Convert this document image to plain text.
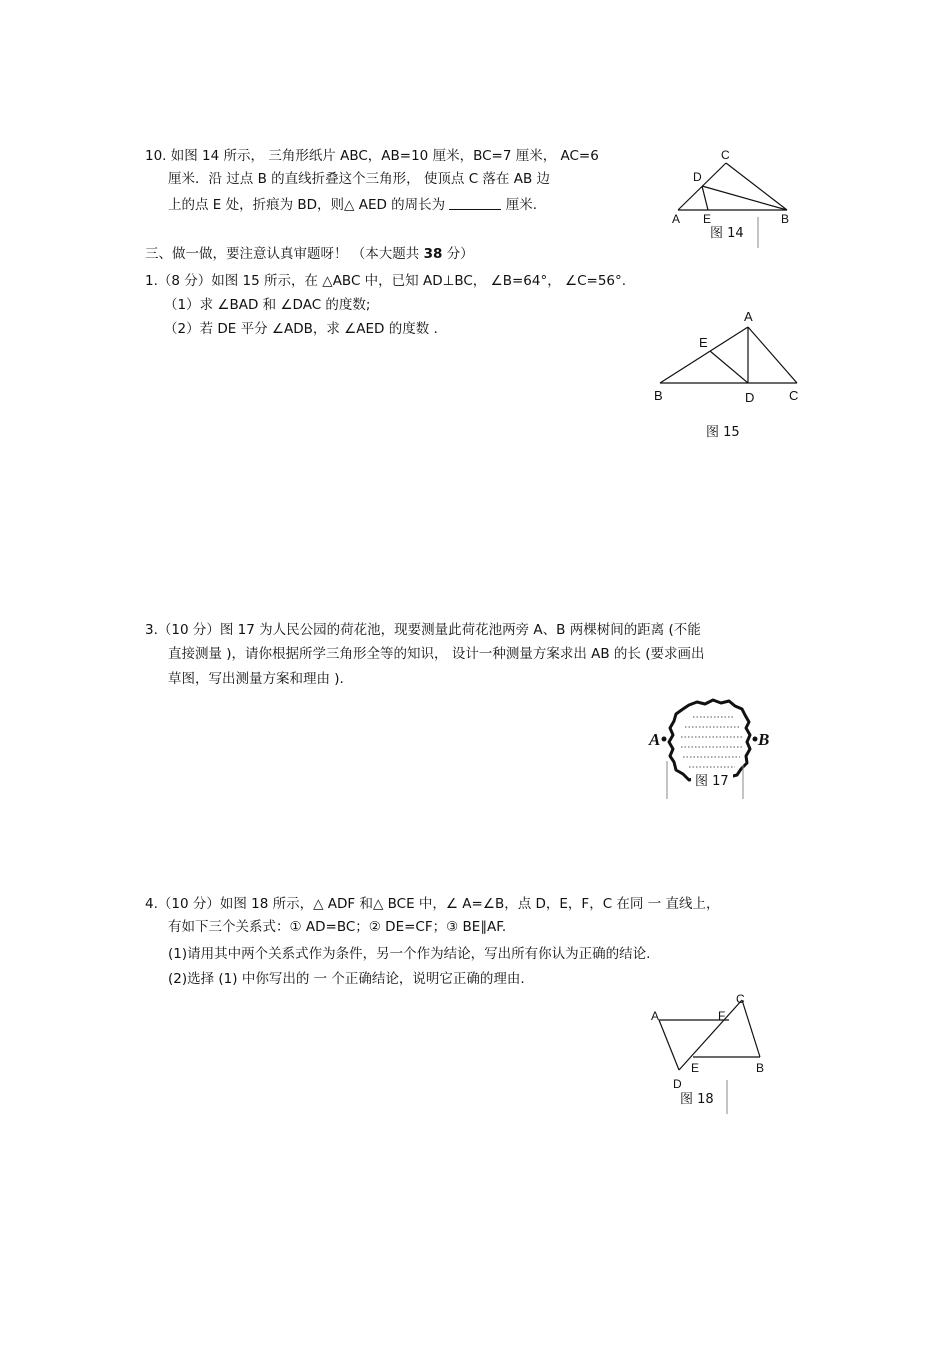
10. 如图 14 所示， 三角形纸片 ABC，AB=10 厘米，BC=7 厘米， AC=6
厘米．沿 过点 B 的直线折叠这个三角形， 使顶点 C 落在 AB 边
上的点 E 处，折痕为 BD，则△ AED 的周长为	厘米.
C
D
A E	B
图 14
三、做一做，要注意认真审题呀！ （本大题共 38 分）
1.（8 分）如图 15 所示，在 △ABC 中，已知 AD⊥BC， ∠B=64°， ∠C=56°.
（1）求 ∠BAD 和 ∠DAC 的度数;
（2）若 DE 平分 ∠ADB，求 ∠AED 的度数 .
A
E
B	D	C
图 15
3.（10 分）图 17 为人民公园的荷花池，现要测量此荷花池两旁 A、B 两棵树间的距离 (不能
直接测量 )，请你根据所学三角形全等的知识， 设计一种测量方案求出 AB 的长 (要求画出
草图，写出测量方案和理由 ).
A	B
图 17
4.（10 分）如图 18 所示，△ ADF 和△ BCE 中，∠ A=∠B，点 D，E，F，C 在同 一 直线上，
有如下三个关系式：① AD=BC；② DE=CF；③ BE∥AF.
(1)请用其中两个关系式作为条件，另一个作为结论，写出所有你认为正确的结论.
(2)选择 (1) 中你写出的 一 个正确结论，说明它正确的理由.
C
A	F
E	B
D
图 18
